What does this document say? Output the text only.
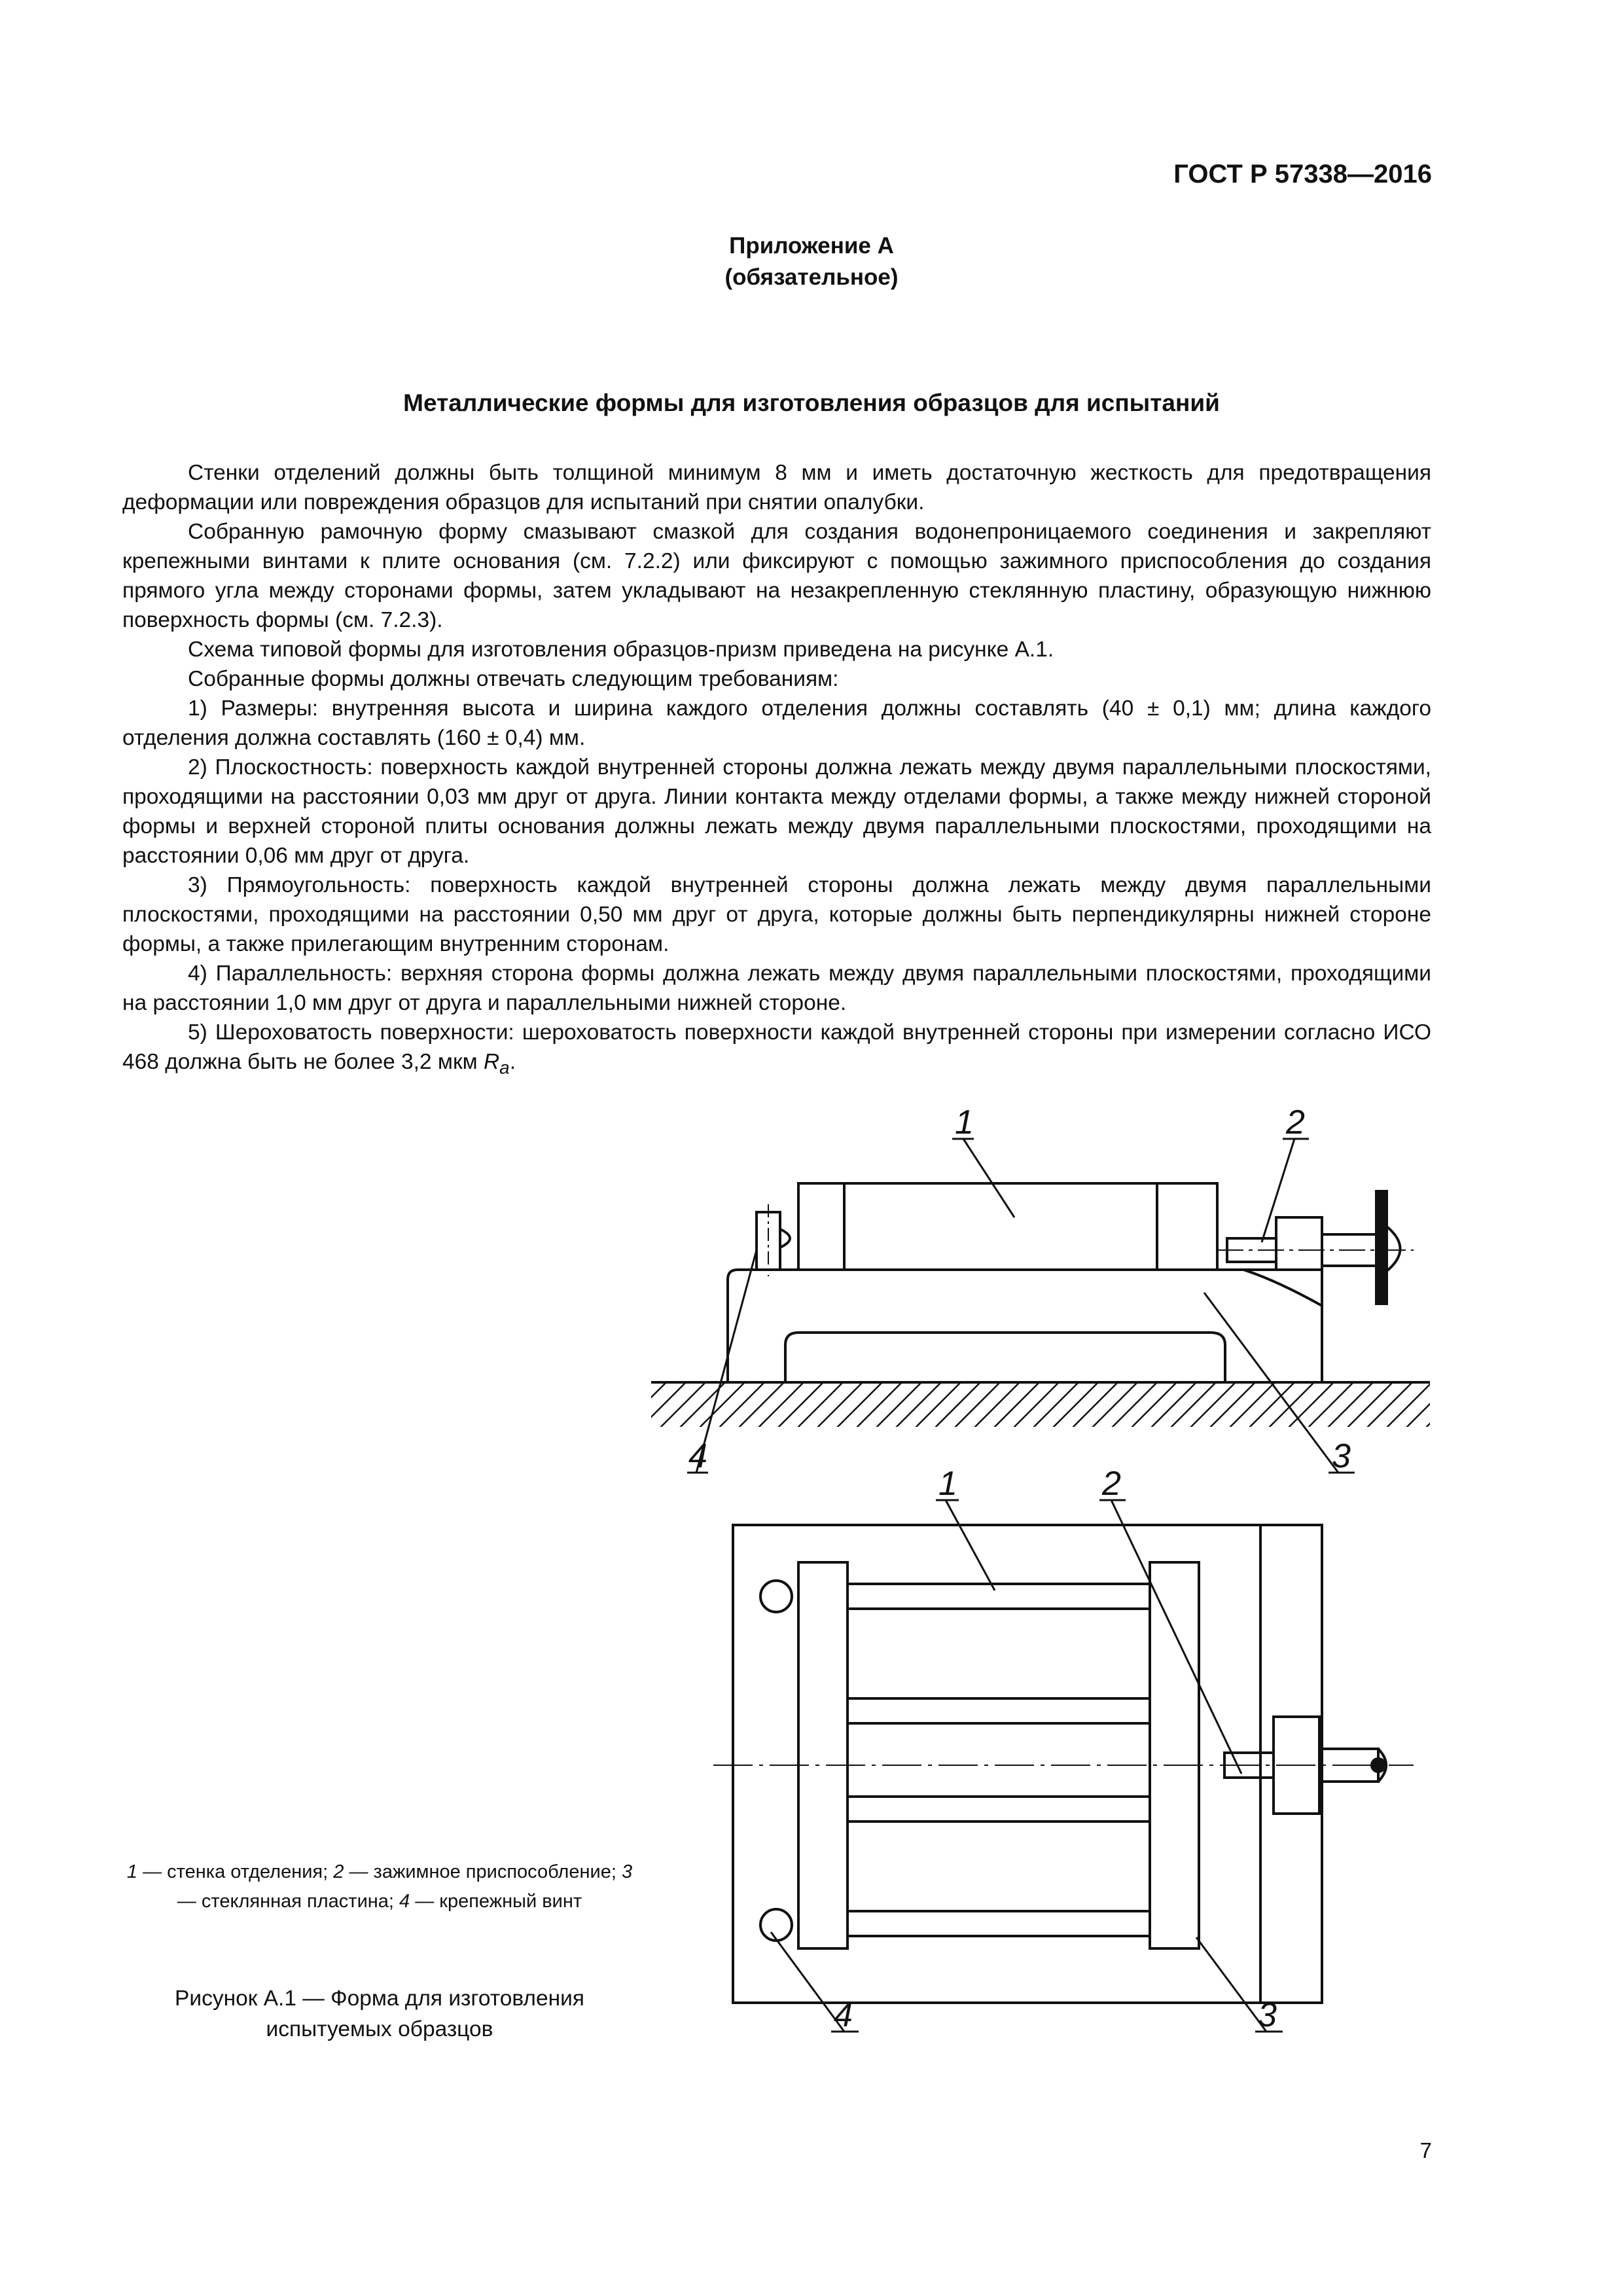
ГОСТ Р 57338—2016
Приложение А
(обязательное)
Металлические формы для изготовления образцов для испытаний

Стенки отделений должны быть толщиной минимум 8 мм и иметь достаточную жесткость для предотвращения деформации или повреждения образцов для испытаний при снятии опалубки.

Собранную рамочную форму смазывают смазкой для создания водонепроницаемого соединения и закрепляют крепежными винтами к плите основания (см. 7.2.2) или фиксируют с помощью зажимного приспособления до создания прямого угла между сторонами формы, затем укладывают на незакрепленную стеклянную пластину, образующую нижнюю поверхность формы (см. 7.2.3).

Схема типовой формы для изготовления образцов-призм приведена на рисунке А.1.

Собранные формы должны отвечать следующим требованиям:

1) Размеры: внутренняя высота и ширина каждого отделения должны составлять (40 ± 0,1) мм; длина каждого отделения должна составлять (160 ± 0,4) мм.

2) Плоскостность: поверхность каждой внутренней стороны должна лежать между двумя параллельными плоскостями, проходящими на расстоянии 0,03 мм друг от друга. Линии контакта между отделами формы, а также между нижней стороной формы и верхней стороной плиты основания должны лежать между двумя параллельными плоскостями, проходящими на расстоянии 0,06 мм друг от друга.

3) Прямоугольность: поверхность каждой внутренней стороны должна лежать между двумя параллельными плоскостями, проходящими на расстоянии 0,50 мм друг от друга, которые должны быть перпендикулярны нижней стороне формы, а также прилегающим внутренним сторонам.

4) Параллельность: верхняя сторона формы должна лежать между двумя параллельными плоскостями, проходящими на расстоянии 1,0 мм друг от друга и параллельными нижней стороне.

5) Шероховатость поверхности: шероховатость поверхности каждой внутренней стороны при измерении согласно ИСО 468 должна быть не более 3,2 мкм $R_a$.

1	2
4	3
1	2
4	3
1 — стенка отделения; 2 — зажимное приспособление; 3 — стеклянная пластина; 4 — крепежный винт
Рисунок А.1 — Форма для изготовления
испытуемых образцов
7
